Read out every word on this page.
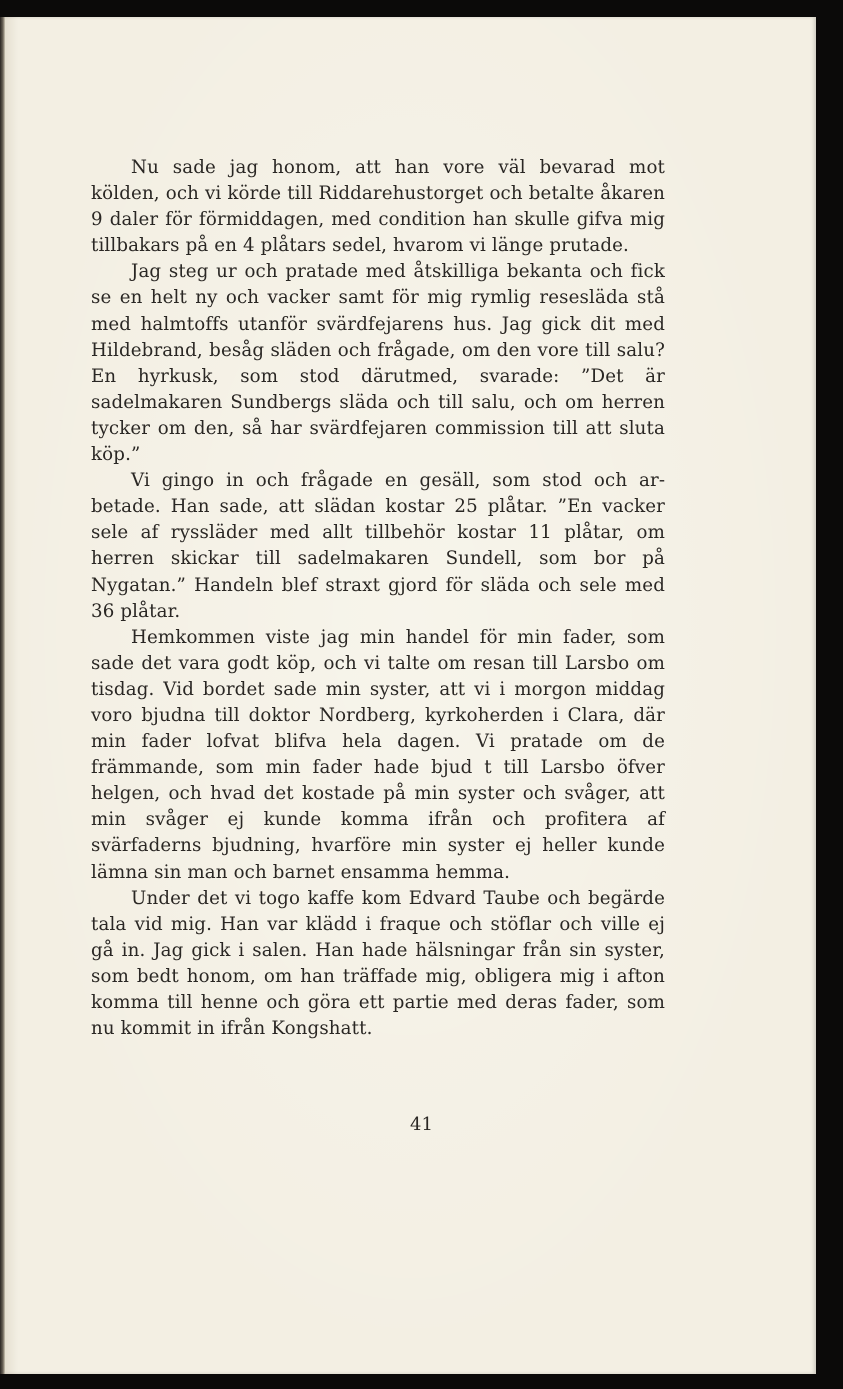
Nu sade jag honom, att han vore väl bevarad mot kölden, och vi körde till Riddarehustorget och betalte åkaren 9 daler för förmiddagen, med condition han skulle gifva mig tillbakars på en 4 plåtars sedel, hvarom vi länge prutade.

Jag steg ur och pratade med åtskilliga bekanta och fick se en helt ny och vacker samt för mig rymlig resesläda stå med halmtoffs utanför svärdfejarens hus. Jag gick dit med Hildebrand, besåg släden och frågade, om den vore till salu? En hyrkusk, som stod därutmed, svarade: ”Det är sadelmakaren Sundbergs släda och till salu, och om herren tycker om den, så har svärdfejaren commission till att sluta köp.”

Vi gingo in och frågade en gesäll, som stod och arbetade. Han sade, att slädan kostar 25 plåtar. ”En vacker sele af ryssläder med allt tillbehör kostar 11 plåtar, om herren skickar till sadelmakaren Sundell, som bor på Nygatan.” Handeln blef straxt gjord för släda och sele med 36 plåtar.

Hemkommen viste jag min handel för min fader, som sade det vara godt köp, och vi talte om resan till Larsbo om tisdag. Vid bordet sade min syster, att vi i morgon middag voro bjudna till doktor Nordberg, kyrkoherden i Clara, där min fader lofvat blifva hela dagen. Vi pratade om de främmande, som min fader hade bjud t till Larsbo öfver helgen, och hvad det kostade på min syster och svåger, att min svåger ej kunde komma ifrån och profitera af svärfaderns bjudning, hvarföre min syster ej heller kunde lämna sin man och barnet ensamma hemma.

Under det vi togo kaffe kom Edvard Taube och begärde tala vid mig. Han var klädd i fraque och stöflar och ville ej gå in. Jag gick i salen. Han hade hälsningar från sin syster, som bedt honom, om han träffade mig, obligera mig i afton komma till henne och göra ett partie med deras fader, som nu kommit in ifrån Kongshatt.

41
